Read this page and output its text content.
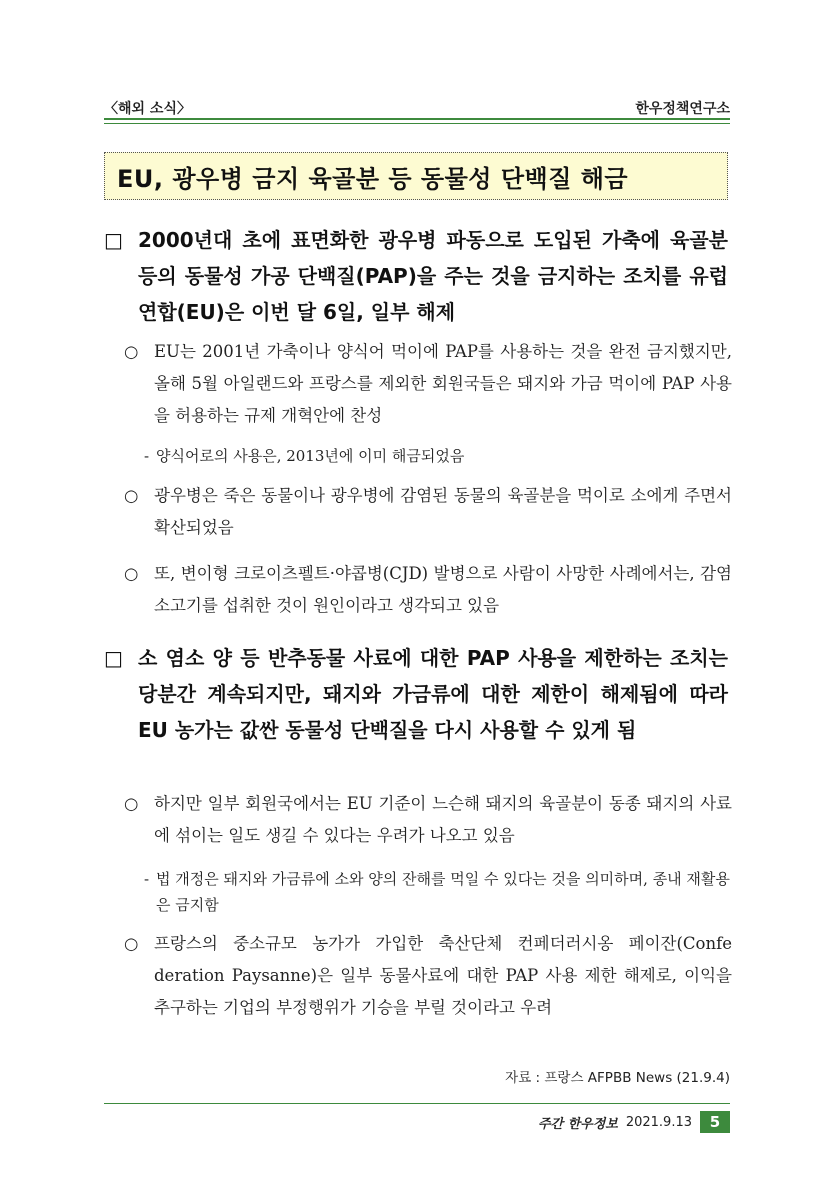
〈해외 소식〉	한우정책연구소
EU, 광우병 금지 육골분 등 동물성 단백질 해금
□ 2000년대 초에 표면화한 광우병 파동으로 도입된 가축에 육골분 등의 동물성 가공 단백질(PAP)을 주는 것을 금지하는 조치를 유럽연합(EU)은 이번 달 6일, 일부 해제
○ EU는 2001년 가축이나 양식어 먹이에 PAP를 사용하는 것을 완전 금지했지만, 올해 5월 아일랜드와 프랑스를 제외한 회원국들은 돼지와 가금 먹이에 PAP 사용을 허용하는 규제 개혁안에 찬성
- 양식어로의 사용은, 2013년에 이미 해금되었음
○ 광우병은 죽은 동물이나 광우병에 감염된 동물의 육골분을 먹이로 소에게 주면서 확산되었음
○ 또, 변이형 크로이츠펠트·야콥병(CJD) 발병으로 사람이 사망한 사례에서는, 감염 소고기를 섭취한 것이 원인이라고 생각되고 있음
□ 소 염소 양 등 반추동물 사료에 대한 PAP 사용을 제한하는 조치는 당분간 계속되지만, 돼지와 가금류에 대한 제한이 해제됨에 따라 EU 농가는 값싼 동물성 단백질을 다시 사용할 수 있게 됨
○ 하지만 일부 회원국에서는 EU 기준이 느슨해 돼지의 육골분이 동종 돼지의 사료에 섞이는 일도 생길 수 있다는 우려가 나오고 있음
- 법 개정은 돼지와 가금류에 소와 양의 잔해를 먹일 수 있다는 것을 의미하며, 종내 재활용은 금지함
○ 프랑스의 중소규모 농가가 가입한 축산단체 컨페더러시옹 페이잔(Confe deration Paysanne)은 일부 동물사료에 대한 PAP 사용 제한 해제로, 이익을 추구하는 기업의 부정행위가 기승을 부릴 것이라고 우려
자료 : 프랑스 AFPBB News (21.9.4)
주간 한우정보 2021.9.13	5
